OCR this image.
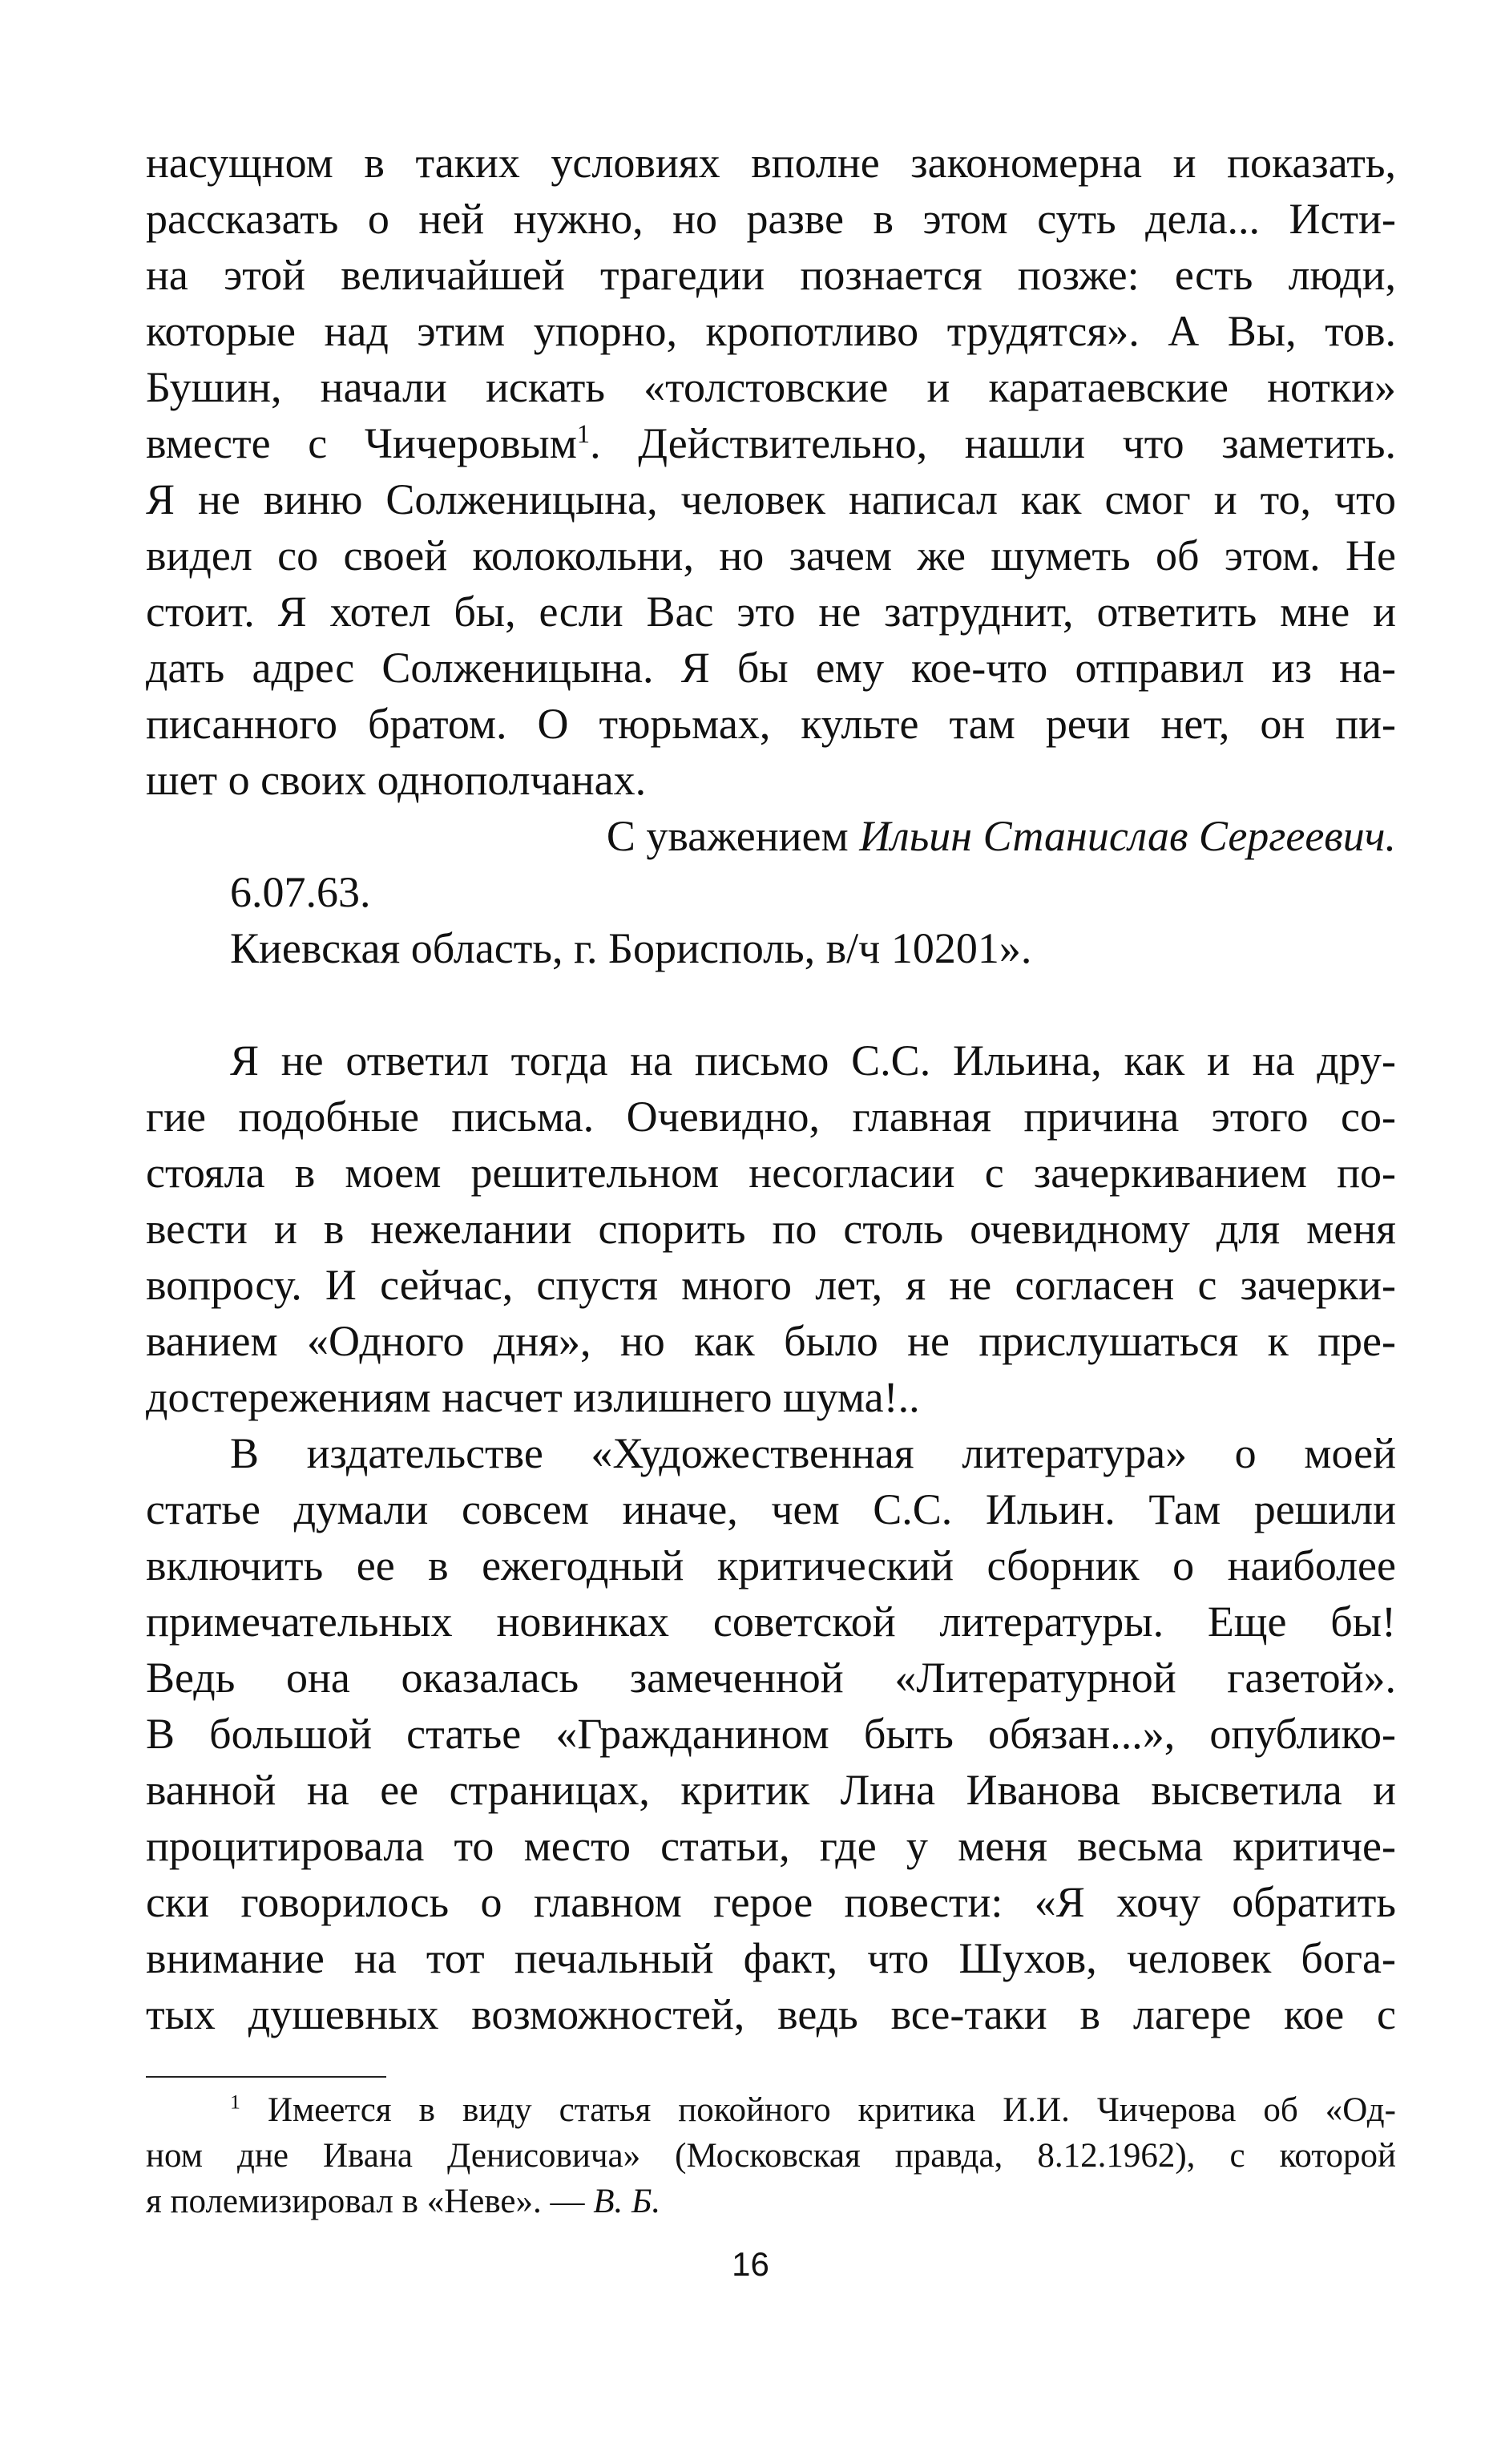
насущном в таких условиях вполне закономерна и показать,
рассказать о ней нужно, но разве в этом суть дела... Исти-
на этой величайшей трагедии познается позже: есть люди,
которые над этим упорно, кропотливо трудятся». А Вы, тов.
Бушин, начали искать «толстовские и каратаевские нотки»
вместе с Чичеровым$^1$. Действительно, нашли что заметить.
Я не виню Солженицына, человек написал как смог и то, что
видел со своей колокольни, но зачем же шуметь об этом. Не
стоит. Я хотел бы, если Вас это не затруднит, ответить мне и
дать адрес Солженицына. Я бы ему кое-что отправил из на-
писанного братом. О тюрьмах, культе там речи нет, он пи-
шет о своих однополчанах.
С уважением Ильин Станислав Сергеевич.
6.07.63.
Киевская область, г. Борисполь, в/ч 10201».
Я не ответил тогда на письмо С.С. Ильина, как и на дру-
гие подобные письма. Очевидно, главная причина этого со-
стояла в моем решительном несогласии с зачеркиванием по-
вести и в нежелании спорить по столь очевидному для меня
вопросу. И сейчас, спустя много лет, я не согласен с зачерки-
ванием «Одного дня», но как было не прислушаться к пре-
достережениям насчет излишнего шума!..
В издательстве «Художественная литература» о моей
статье думали совсем иначе, чем С.С. Ильин. Там решили
включить ее в ежегодный критический сборник о наиболее
примечательных новинках советской литературы. Еще бы!
Ведь она оказалась замеченной «Литературной газетой».
В большой статье «Гражданином быть обязан...», опублико-
ванной на ее страницах, критик Лина Иванова высветила и
процитировала то место статьи, где у меня весьма критиче-
ски говорилось о главном герое повести: «Я хочу обратить
внимание на тот печальный факт, что Шухов, человек бога-
тых душевных возможностей, ведь все-таки в лагере кое с
$^1$ Имеется в виду статья покойного критика И.И. Чичерова об «Од-
ном дне Ивана Денисовича» (Московская правда, 8.12.1962), с которой
я полемизировал в «Неве». — В. Б.
16
